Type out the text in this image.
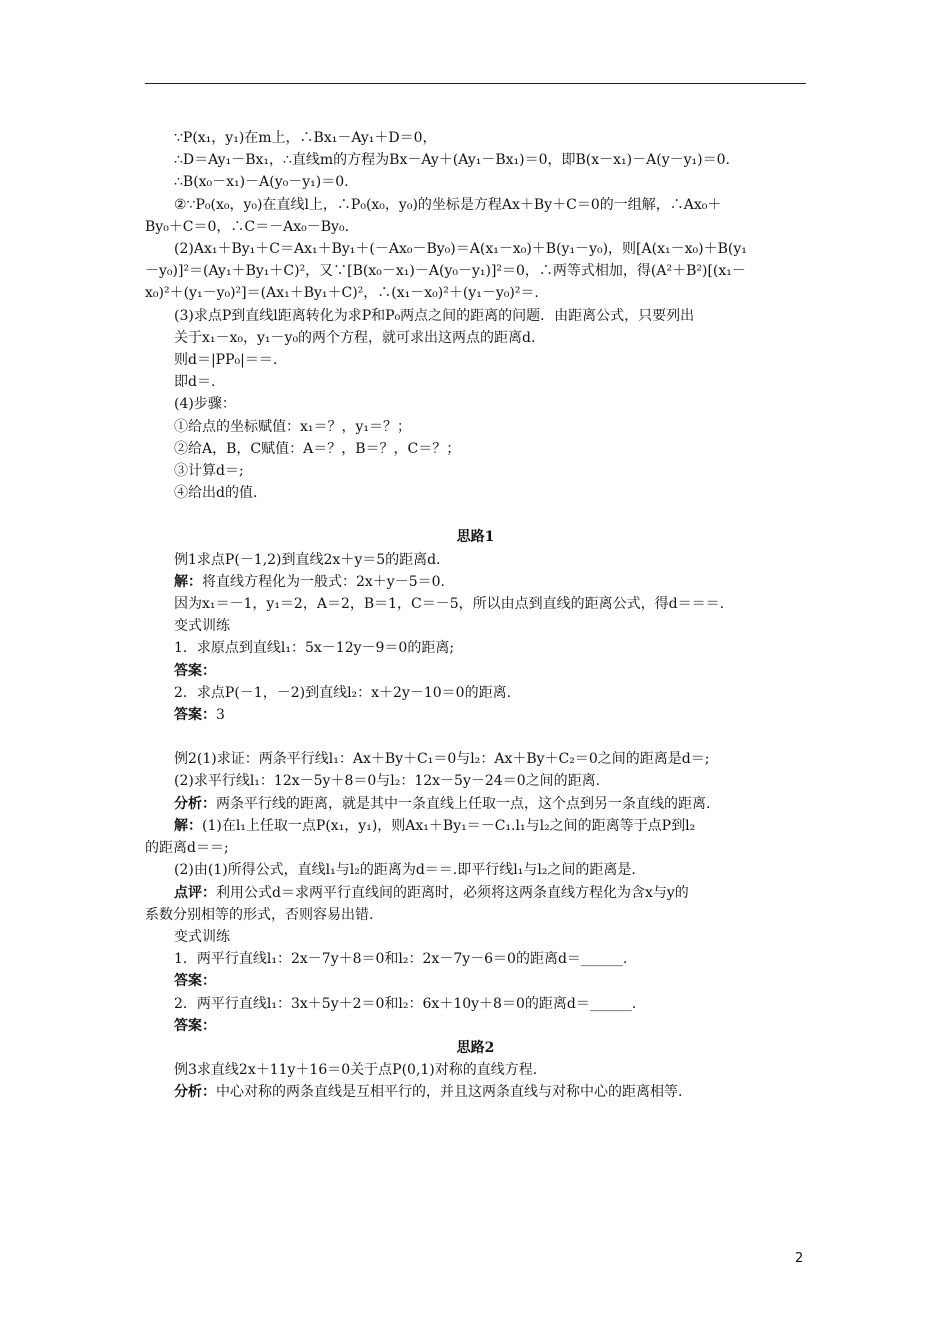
∵P(x₁，y₁)在m上，∴Bx₁－Ay₁＋D＝0，
∴D＝Ay₁－Bx₁，∴直线m的方程为Bx－Ay＋(Ay₁－Bx₁)＝0，即B(x－x₁)－A(y－y₁)＝0.
∴B(x₀－x₁)－A(y₀－y₁)＝0.
②∵P₀(x₀，y₀)在直线l上，∴P₀(x₀，y₀)的坐标是方程Ax＋By＋C＝0的一组解，∴Ax₀＋
By₀＋C＝0，∴C＝－Ax₀－By₀.
(2)Ax₁＋By₁＋C＝Ax₁＋By₁＋(－Ax₀－By₀)＝A(x₁－x₀)＋B(y₁－y₀)，则[A(x₁－x₀)＋B(y₁
－y₀)]²＝(Ay₁＋By₁＋C)²，又∵[B(x₀－x₁)－A(y₀－y₁)]²＝0，∴两等式相加，得(A²＋B²)[(x₁－
x₀)²＋(y₁－y₀)²]＝(Ax₁＋By₁＋C)²，∴(x₁－x₀)²＋(y₁－y₀)²＝.
(3)求点P到直线l距离转化为求P和P₀两点之间的距离的问题．由距离公式，只要列出
关于x₁－x₀，y₁－y₀的两个方程，就可求出这两点的距离d.
则d＝|PP₀|＝＝.
即d＝.
(4)步骤：
①给点的坐标赋值：x₁＝？，y₁＝？；
②给A，B，C赋值：A＝？，B＝？，C＝？；
③计算d＝;
④给出d的值.
思路1
例1求点P(－1,2)到直线2x＋y＝5的距离d.
解：将直线方程化为一般式：2x＋y－5＝0.
因为x₁＝－1，y₁＝2，A＝2，B＝1，C＝－5，所以由点到直线的距离公式，得d＝＝＝.
变式训练
1．求原点到直线l₁：5x－12y－9＝0的距离;
答案：
2．求点P(－1，－2)到直线l₂：x＋2y－10＝0的距离.
答案：3
例2(1)求证：两条平行线l₁：Ax＋By＋C₁＝0与l₂：Ax＋By＋C₂＝0之间的距离是d＝;
(2)求平行线l₁：12x－5y＋8＝0与l₂：12x－5y－24＝0之间的距离.
分析：两条平行线的距离，就是其中一条直线上任取一点，这个点到另一条直线的距离.
解：(1)在l₁上任取一点P(x₁，y₁)，则Ax₁＋By₁＝－C₁.l₁与l₂之间的距离等于点P到l₂
的距离d＝＝;
(2)由(1)所得公式，直线l₁与l₂的距离为d＝＝.即平行线l₁与l₂之间的距离是.
点评：利用公式d＝求两平行直线间的距离时，必须将这两条直线方程化为含x与y的
系数分别相等的形式，否则容易出错.
变式训练
1．两平行直线l₁：2x－7y＋8＝0和l₂：2x－7y－6＝0的距离d＝______.
答案：
2．两平行直线l₁：3x＋5y＋2＝0和l₂：6x＋10y＋8＝0的距离d＝______.
答案：
思路2
例3求直线2x＋11y＋16＝0关于点P(0,1)对称的直线方程.
分析：中心对称的两条直线是互相平行的，并且这两条直线与对称中心的距离相等.
2
